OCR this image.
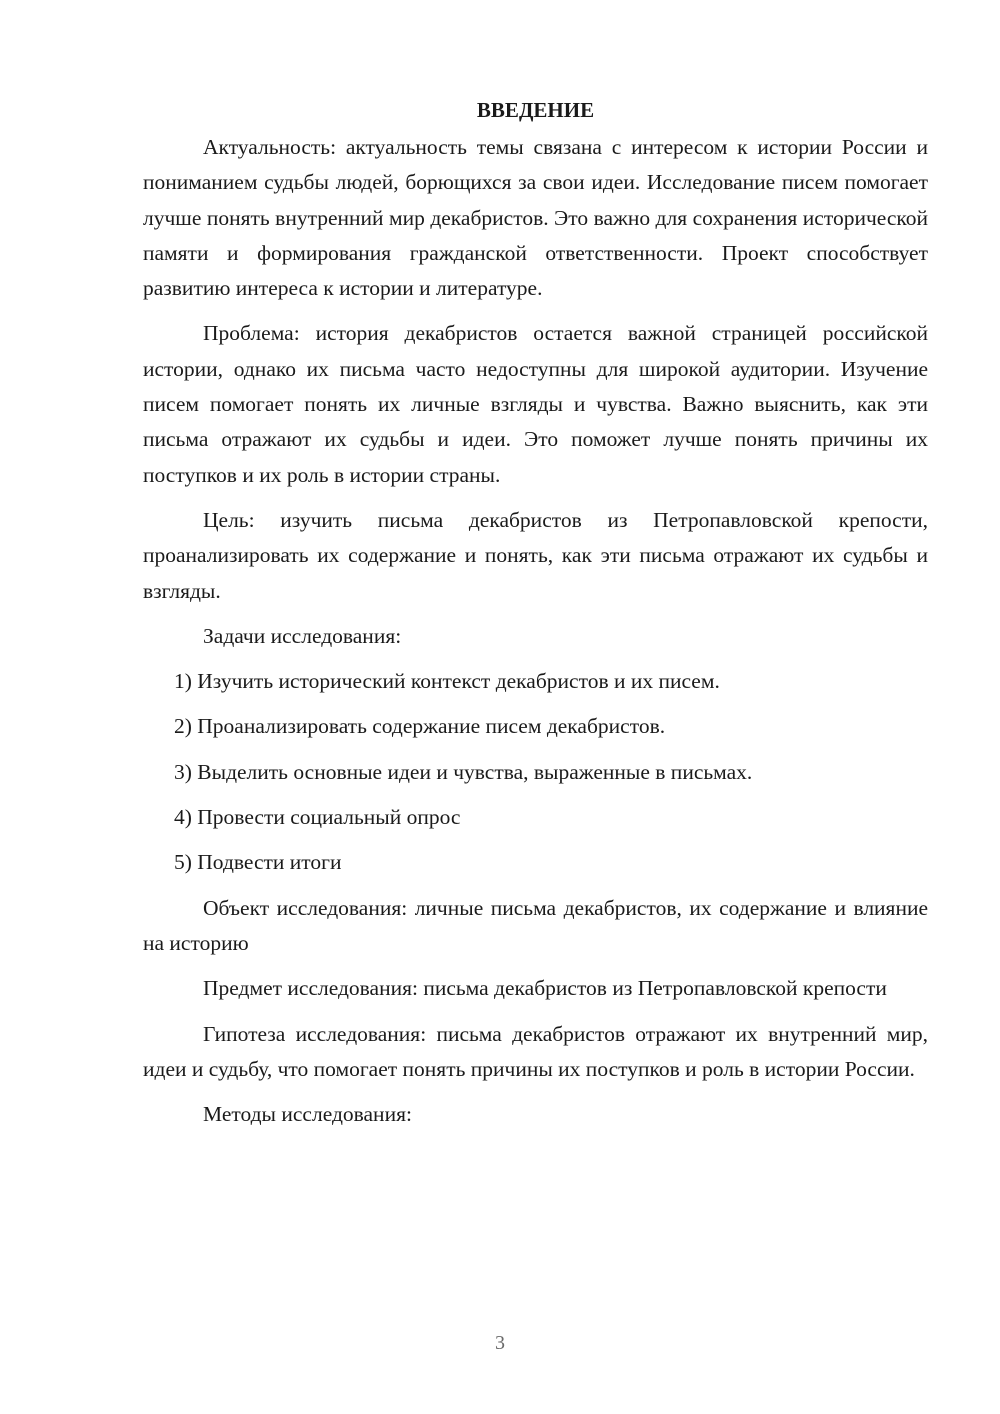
ВВЕДЕНИЕ
Актуальность: актуальность темы связана с интересом к истории России и пониманием судьбы людей, борющихся за свои идеи. Исследование писем помогает лучше понять внутренний мир декабристов. Это важно для сохранения исторической памяти и формирования гражданской ответственности. Проект способствует развитию интереса к истории и литературе.
Проблема: история декабристов остается важной страницей российской истории, однако их письма часто недоступны для широкой аудитории. Изучение писем помогает понять их личные взгляды и чувства. Важно выяснить, как эти письма отражают их судьбы и идеи. Это поможет лучше понять причины их поступков и их роль в истории страны.
Цель: изучить письма декабристов из Петропавловской крепости, проанализировать их содержание и понять, как эти письма отражают их судьбы и взгляды.
Задачи исследования:
1) Изучить исторический контекст декабристов и их писем.
2) Проанализировать содержание писем декабристов.
3) Выделить основные идеи и чувства, выраженные в письмах.
4) Провести социальный опрос
5) Подвести итоги
Объект исследования: личные письма декабристов, их содержание и влияние на историю
Предмет исследования: письма декабристов из Петропавловской крепости
Гипотеза исследования: письма декабристов отражают их внутренний мир, идеи и судьбу, что помогает понять причины их поступков и роль в истории России.
Методы исследования:
3
